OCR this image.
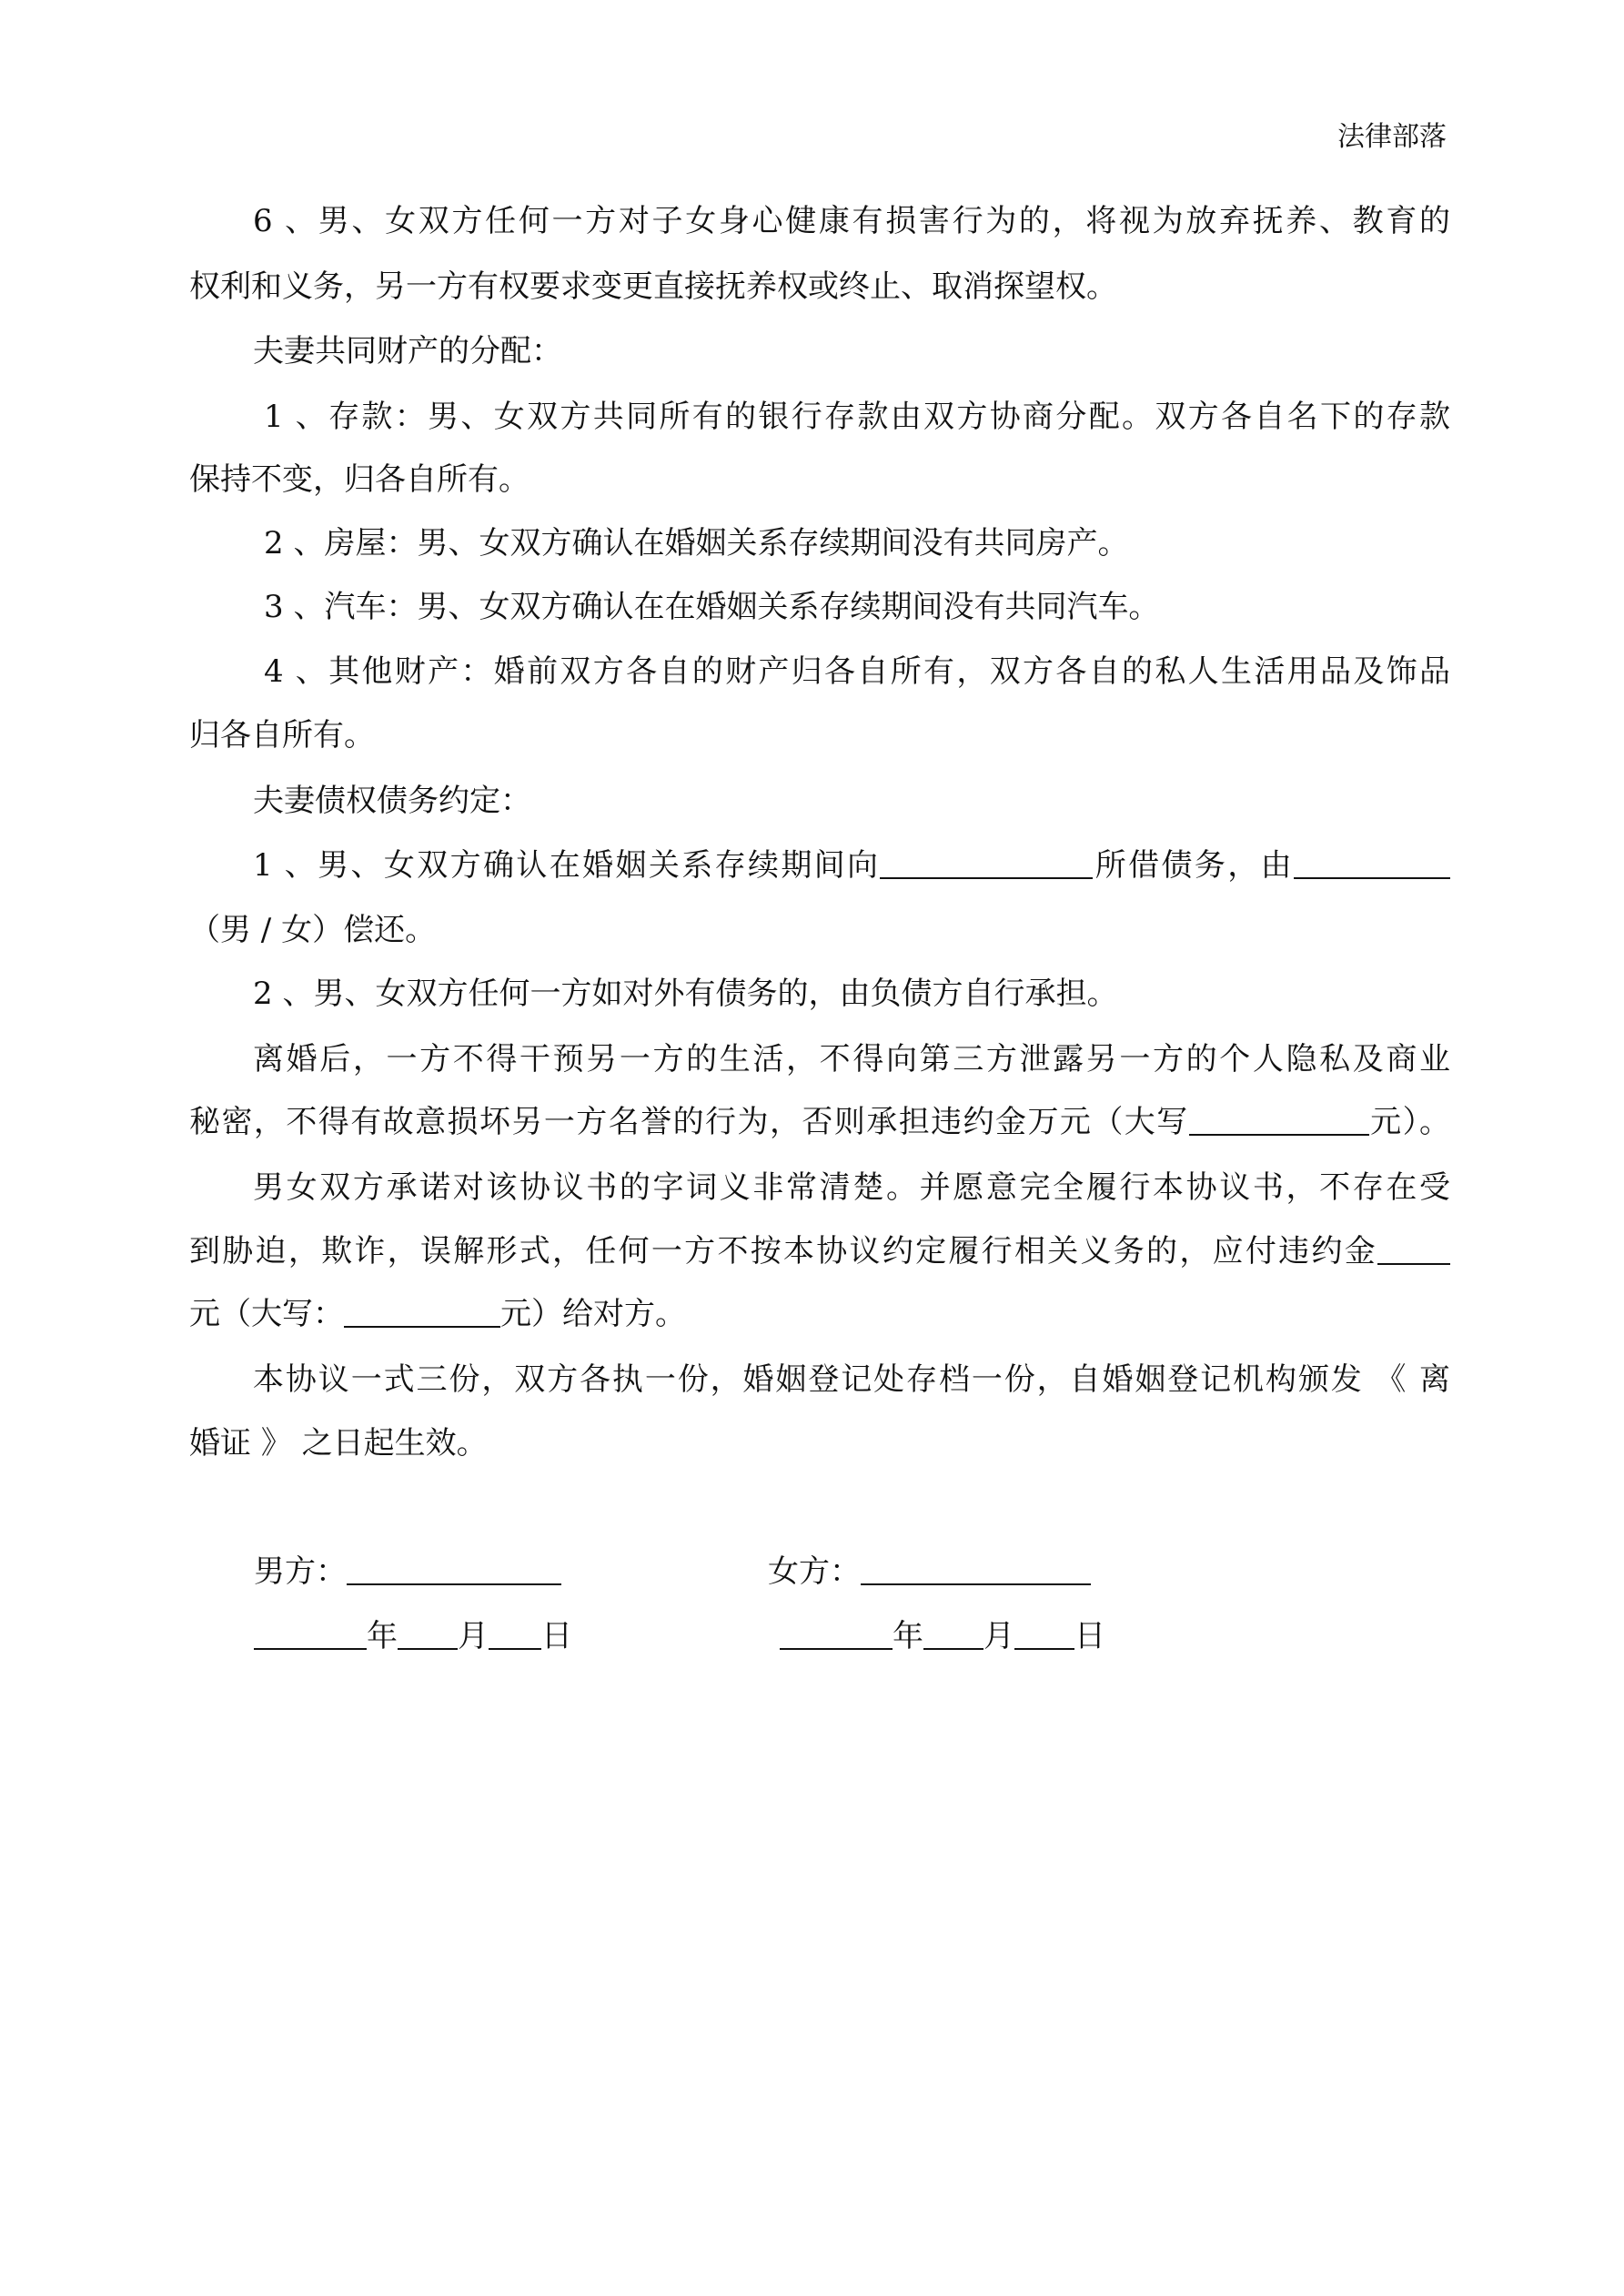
法律部落
6 、男、女双方任何一方对子女身心健康有损害行为的，将视为放弃抚养、教育的
权利和义务，另一方有权要求变更直接抚养权或终止、取消探望权。
夫妻共同财产的分配：
1 、存款：男、女双方共同所有的银行存款由双方协商分配。双方各自名下的存款
保持不变，归各自所有。
2 、房屋：男、女双方确认在婚姻关系存续期间没有共同房产。
3 、汽车：男、女双方确认在在婚姻关系存续期间没有共同汽车。
4 、其他财产：婚前双方各自的财产归各自所有，双方各自的私人生活用品及饰品
归各自所有。
夫妻债权债务约定：
1 、男、女双方确认在婚姻关系存续期间向	所借债务，由
（男 / 女）偿还。
2 、男、女双方任何一方如对外有债务的，由负债方自行承担。
离婚后，一方不得干预另一方的生活，不得向第三方泄露另一方的个人隐私及商业
秘密，不得有故意损坏另一方名誉的行为，否则承担违约金万元（大写	元）。
男女双方承诺对该协议书的字词义非常清楚。并愿意完全履行本协议书，不存在受
到胁迫，欺诈，误解形式，任何一方不按本协议约定履行相关义务的，应付违约金
元（大写：	元）给对方。
本协议一式三份，双方各执一份，婚姻登记处存档一份，自婚姻登记机构颁发 《 离
婚证 》 之日起生效。
男方：	女方：
年 月 日	年 月 日
